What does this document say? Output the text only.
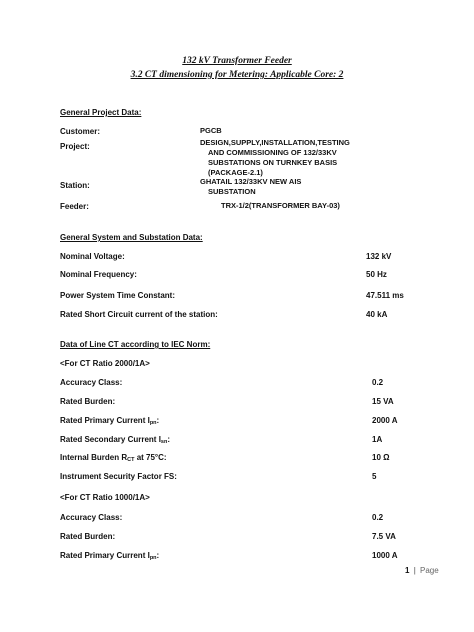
132 kV Transformer Feeder
3.2 CT dimensioning for Metering: Applicable Core: 2
General Project Data:
Customer:	PGCB
Project:	DESIGN,SUPPLY,INSTALLATION,TESTING
AND COMMISSIONING OF 132/33KV
SUBSTATIONS ON TURNKEY BASIS
(PACKAGE-2.1)
Station:	GHATAIL 132/33KV NEW AIS
SUBSTATION
Feeder:	TRX-1/2(TRANSFORMER BAY-03)
General System and Substation Data:
Nominal Voltage:	132 kV
Nominal Frequency:	50 Hz
Power System Time Constant:	47.511 ms
Rated Short Circuit current of the station:	40 kA
Data of Line CT according to IEC Norm:
<For CT Ratio 2000/1A>
Accuracy Class:	0.2
Rated Burden:	15 VA
Rated Primary Current Ipn:	2000 A
Rated Secondary Current Isn:	1A
Internal Burden RCT at 75°C:	10 Ω
Instrument Security Factor FS:	5
<For CT Ratio 1000/1A>
Accuracy Class:	0.2
Rated Burden:	7.5 VA
Rated Primary Current Ipn:	1000 A
1 | Page
